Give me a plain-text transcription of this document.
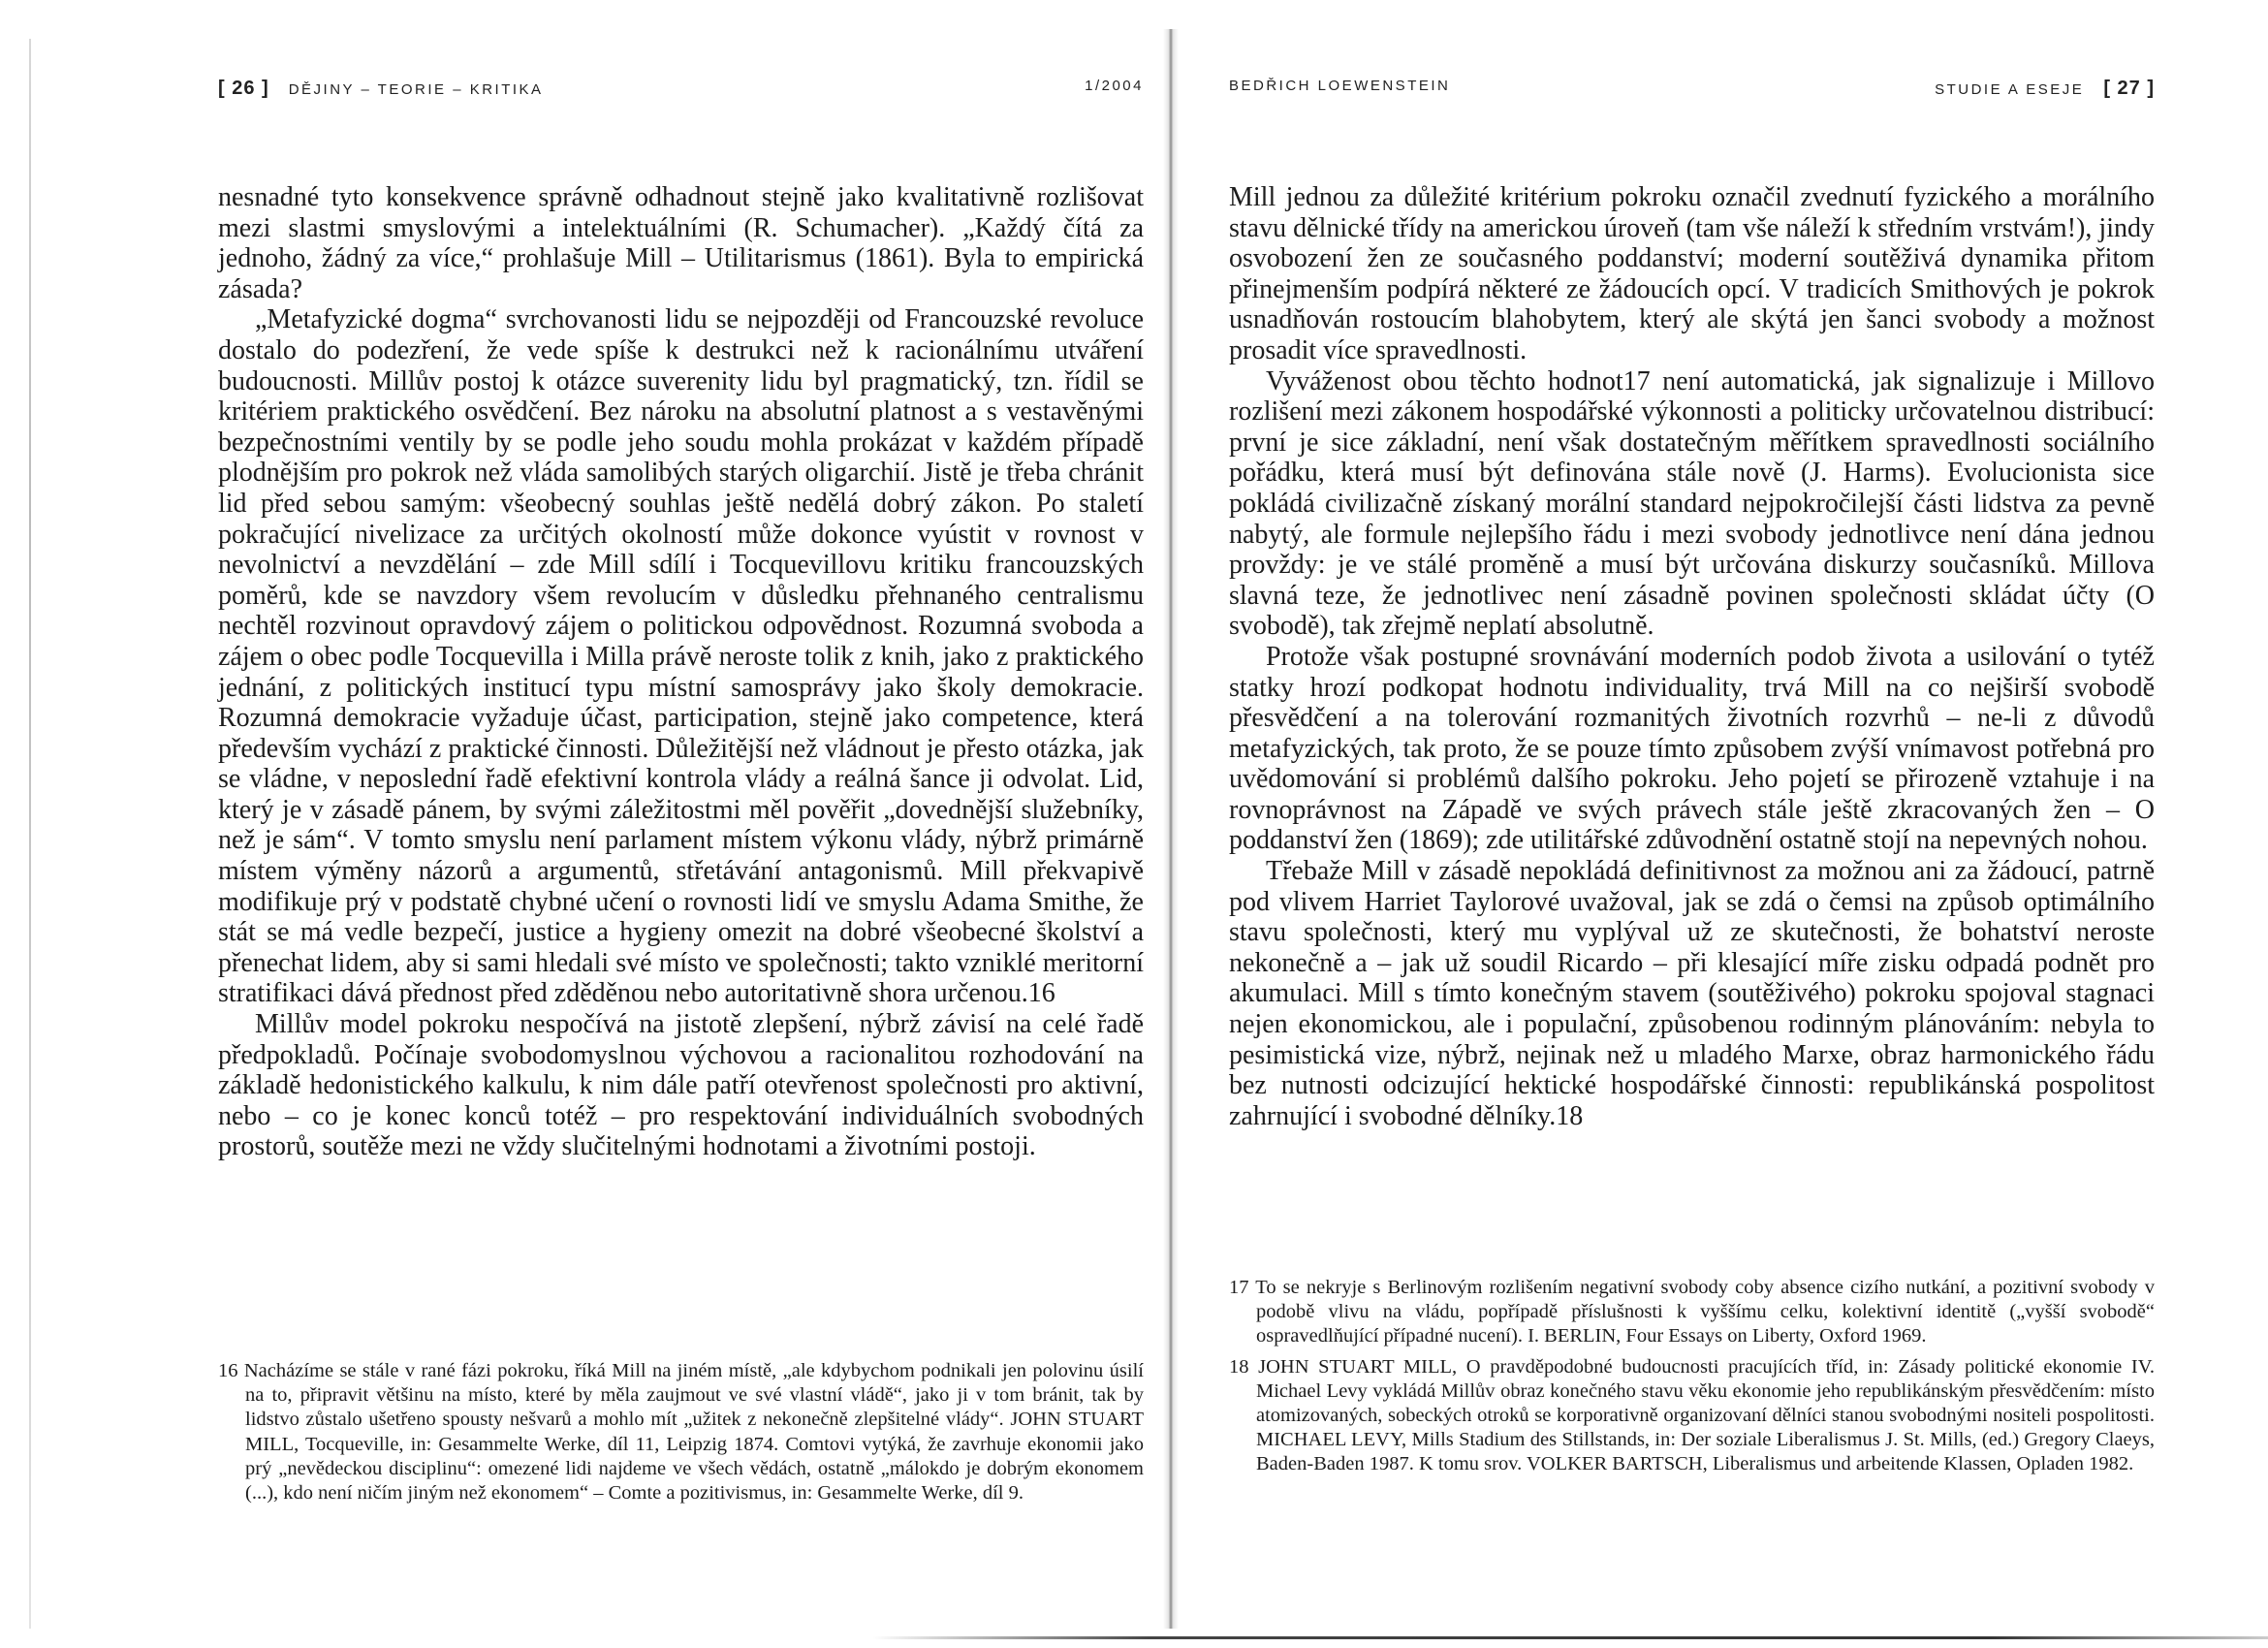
[ 26 ] DĚJINY – TEORIE – KRITIKA	1/2004

nesnadné tyto konsekvence správně odhadnout stejně jako kvalitativně rozlišovat mezi slastmi smyslovými a intelektuálními (R. Schumacher). „Každý čítá za jednoho, žádný za více,“ prohlašuje Mill – Utilitarismus (1861). Byla to empirická zásada?

„Metafyzické dogma“ svrchovanosti lidu se nejpozději od Francouzské revoluce dostalo do podezření, že vede spíše k destrukci než k racionálnímu utváření budoucnosti. Millův postoj k otázce suverenity lidu byl pragmatický, tzn. řídil se kritériem praktického osvědčení. Bez nároku na absolutní platnost a s vestavěnými bezpečnostními ventily by se podle jeho soudu mohla prokázat v každém případě plodnějším pro pokrok než vláda samolibých starých oligarchií. Jistě je třeba chránit lid před sebou samým: všeobecný souhlas ještě nedělá dobrý zákon. Po staletí pokračující nivelizace za určitých okolností může dokonce vyústit v rovnost v nevolnictví a nevzdělání – zde Mill sdílí i Tocquevillovu kritiku francouzských poměrů, kde se navzdory všem revolucím v důsledku přehnaného centralismu nechtěl rozvinout opravdový zájem o politickou odpovědnost. Rozumná svoboda a zájem o obec podle Tocquevilla i Milla právě neroste tolik z knih, jako z praktického jednání, z politických institucí typu místní samosprávy jako školy demokracie. Rozumná demokracie vyžaduje účast, participation, stejně jako competence, která především vychází z praktické činnosti. Důležitější než vládnout je přesto otázka, jak se vládne, v neposlední řadě efektivní kontrola vlády a reálná šance ji odvolat. Lid, který je v zásadě pánem, by svými záležitostmi měl pověřit „dovednější služebníky, než je sám“. V tomto smyslu není parlament místem výkonu vlády, nýbrž primárně místem výměny názorů a argumentů, střetávání antagonismů. Mill překvapivě modifikuje prý v podstatě chybné učení o rovnosti lidí ve smyslu Adama Smithe, že stát se má vedle bezpečí, justice a hygieny omezit na dobré všeobecné školství a přenechat lidem, aby si sami hledali své místo ve společnosti; takto vzniklé meritorní stratifikaci dává přednost před zděděnou nebo autoritativně shora určenou.16

Millův model pokroku nespočívá na jistotě zlepšení, nýbrž závisí na celé řadě předpokladů. Počínaje svobodomyslnou výchovou a racionalitou rozhodování na základě hedonistického kalkulu, k nim dále patří otevřenost společnosti pro aktivní, nebo – co je konec konců totéž – pro respektování individuálních svobodných prostorů, soutěže mezi ne vždy slučitelnými hodnotami a životními postoji.

16 Nacházíme se stále v rané fázi pokroku, říká Mill na jiném místě, „ale kdybychom podnikali jen polovinu úsilí na to, připravit většinu na místo, které by měla zaujmout ve své vlastní vládě“, jako ji v tom bránit, tak by lidstvo zůstalo ušetřeno spousty nešvarů a mohlo mít „užitek z nekonečně zlepšitelné vlády“. JOHN STUART MILL, Tocqueville, in: Gesammelte Werke, díl 11, Leipzig 1874. Comtovi vytýká, že zavrhuje ekonomii jako prý „nevědeckou disciplinu“: omezené lidi najdeme ve všech vědách, ostatně „málokdo je dobrým ekonomem (...), kdo není ničím jiným než ekonomem“ – Comte a pozitivismus, in: Gesammelte Werke, díl 9.

BEDŘICH LOEWENSTEIN	STUDIE A ESEJE [ 27 ]

Mill jednou za důležité kritérium pokroku označil zvednutí fyzického a morálního stavu dělnické třídy na americkou úroveň (tam vše náleží k středním vrstvám!), jindy osvobození žen ze současného poddanství; moderní soutěživá dynamika přitom přinejmenším podpírá některé ze žádoucích opcí. V tradicích Smithových je pokrok usnadňován rostoucím blahobytem, který ale skýtá jen šanci svobody a možnost prosadit více spravedlnosti.

Vyváženost obou těchto hodnot17 není automatická, jak signalizuje i Millovo rozlišení mezi zákonem hospodářské výkonnosti a politicky určovatelnou distribucí: první je sice základní, není však dostatečným měřítkem spravedlnosti sociálního pořádku, která musí být definována stále nově (J. Harms). Evolucionista sice pokládá civilizačně získaný morální standard nejpokročilejší části lidstva za pevně nabytý, ale formule nejlepšího řádu i mezi svobody jednotlivce není dána jednou provždy: je ve stálé proměně a musí být určována diskurzy současníků. Millova slavná teze, že jednotlivec není zásadně povinen společnosti skládat účty (O svobodě), tak zřejmě neplatí absolutně.

Protože však postupné srovnávání moderních podob života a usilování o tytéž statky hrozí podkopat hodnotu individuality, trvá Mill na co nejširší svobodě přesvědčení a na tolerování rozmanitých životních rozvrhů – ne-li z důvodů metafyzických, tak proto, že se pouze tímto způsobem zvýší vnímavost potřebná pro uvědomování si problémů dalšího pokroku. Jeho pojetí se přirozeně vztahuje i na rovnoprávnost na Západě ve svých právech stále ještě zkracovaných žen – O poddanství žen (1869); zde utilitářské zdůvodnění ostatně stojí na nepevných nohou.

Třebaže Mill v zásadě nepokládá definitivnost za možnou ani za žádoucí, patrně pod vlivem Harriet Taylorové uvažoval, jak se zdá o čemsi na způsob optimálního stavu společnosti, který mu vyplýval už ze skutečnosti, že bohatství neroste nekonečně a – jak už soudil Ricardo – při klesající míře zisku odpadá podnět pro akumulaci. Mill s tímto konečným stavem (soutěživého) pokroku spojoval stagnaci nejen ekonomickou, ale i populační, způsobenou rodinným plánováním: nebyla to pesimistická vize, nýbrž, nejinak než u mladého Marxe, obraz harmonického řádu bez nutnosti odcizující hektické hospodářské činnosti: republikánská pospolitost zahrnující i svobodné dělníky.18

17 To se nekryje s Berlinovým rozlišením negativní svobody coby absence cizího nutkání, a pozitivní svobody v podobě vlivu na vládu, popřípadě příslušnosti k vyššímu celku, kolektivní identitě („vyšší svobodě“ ospravedlňující případné nucení). I. BERLIN, Four Essays on Liberty, Oxford 1969.

18 JOHN STUART MILL, O pravděpodobné budoucnosti pracujících tříd, in: Zásady politické ekonomie IV. Michael Levy vykládá Millův obraz konečného stavu věku ekonomie jeho republikánským přesvědčením: místo atomizovaných, sobeckých otroků se korporativně organizovaní dělníci stanou svobodnými nositeli pospolitosti. MICHAEL LEVY, Mills Stadium des Stillstands, in: Der soziale Liberalismus J. St. Mills, (ed.) Gregory Claeys, Baden-Baden 1987. K tomu srov. VOLKER BARTSCH, Liberalismus und arbeitende Klassen, Opladen 1982.
